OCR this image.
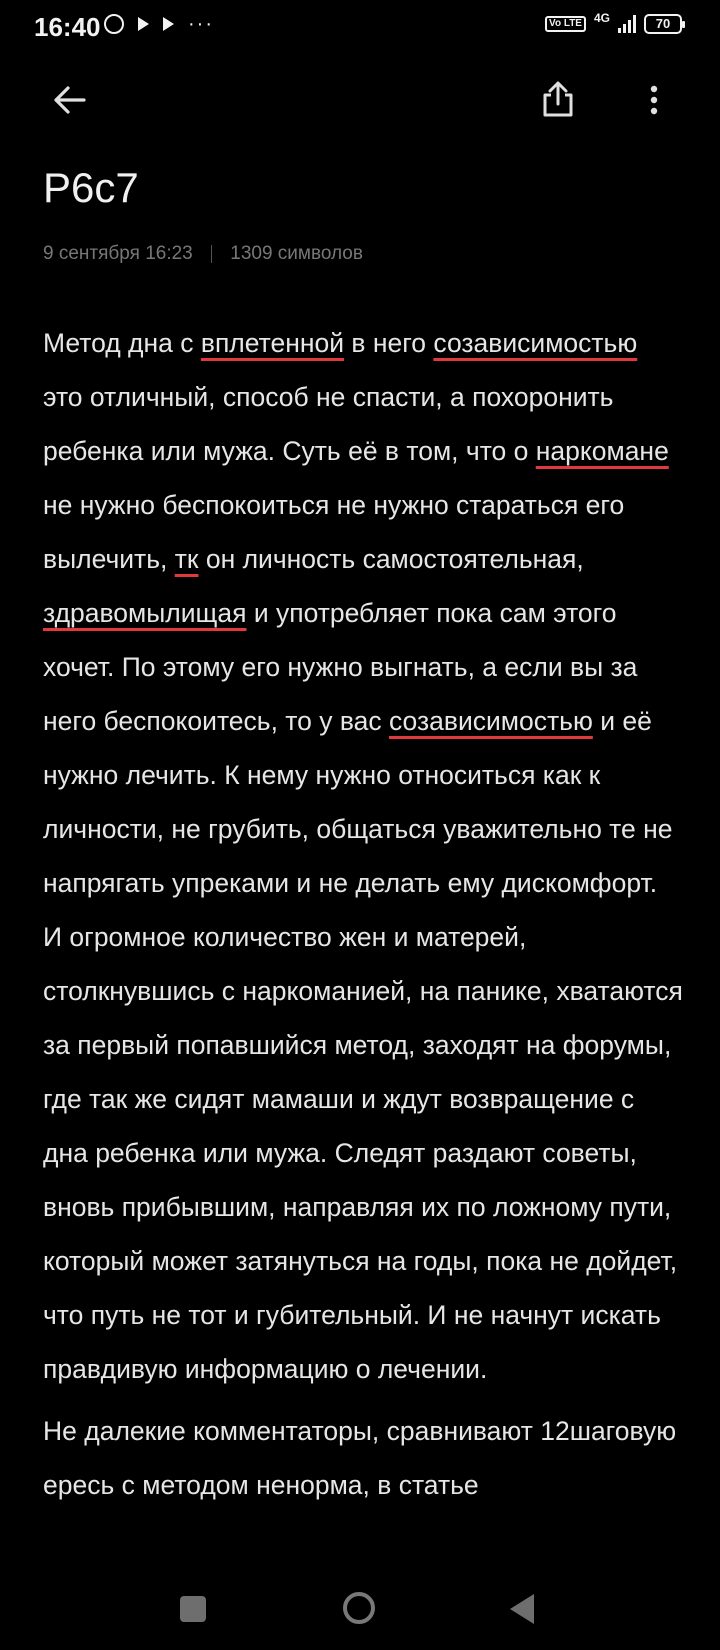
16:40	···	Vo LTE	4G	70
Р6с7
9 сентября 16:23 1309 символов

Метод дна с вплетенной в него созависимостью это отличный, способ не спасти, а похоронить ребенка или мужа. Суть её в том, что о наркомане не нужно беспокоиться не нужно стараться его вылечить, тк он личность самостоятельная, здравомылищая и употребляет пока сам этого хочет. По этому его нужно выгнать, а если вы за него беспокоитесь, то у вас созависимостью и её нужно лечить. К нему нужно относиться как к личности, не грубить, общаться уважительно те не напрягать упреками и не делать ему дискомфорт. И огромное количество жен и матерей, столкнувшись с наркоманией, на панике, хватаются за первый попавшийся метод, заходят на форумы, где так же сидят мамаши и ждут возвращение с дна ребенка или мужа. Следят раздают советы, вновь прибывшим, направляя их по ложному пути, который может затянуться на годы, пока не дойдет, что путь не тот и губительный. И не начнут искать правдивую информацию о лечении.

Не далекие комментаторы, сравнивают 12шаговую ересь с методом ненорма, в статье
